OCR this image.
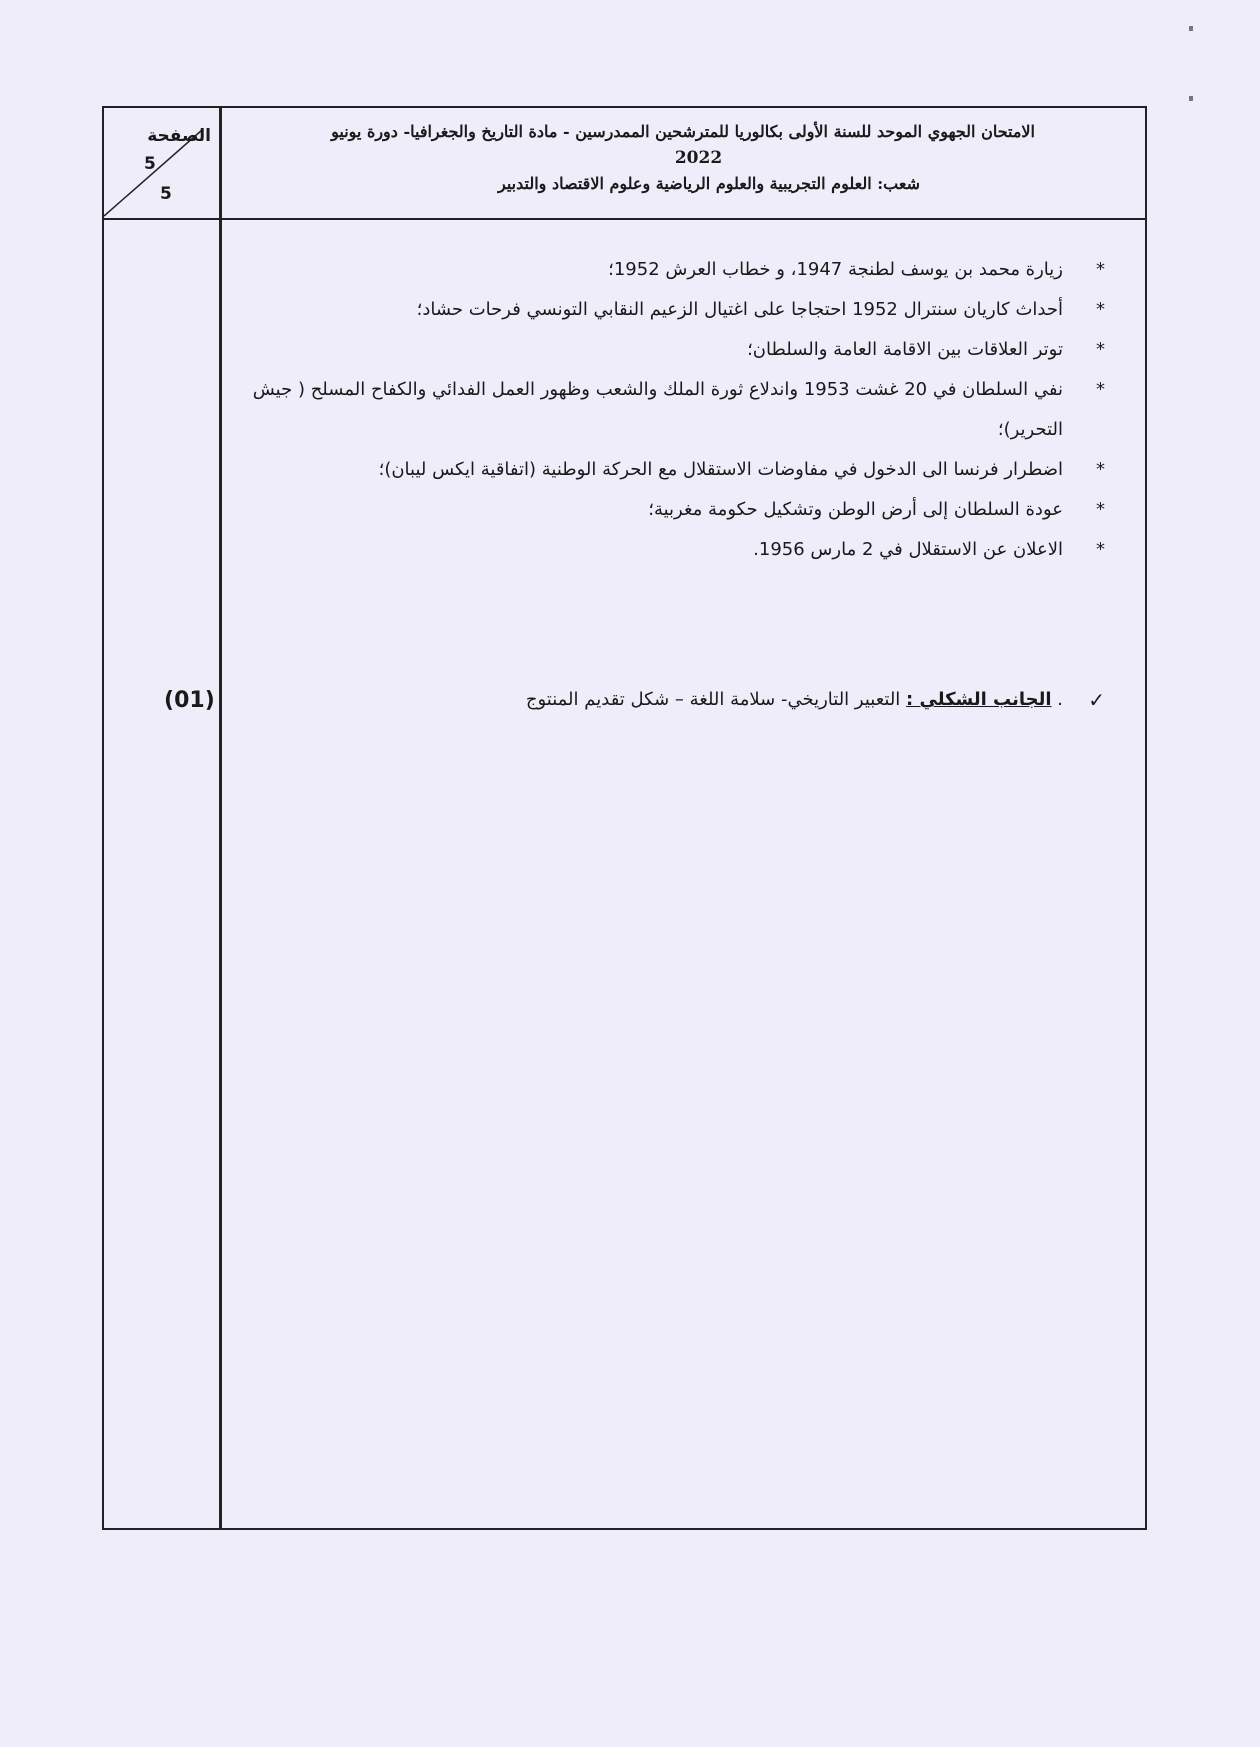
الصفحة
5
5
الامتحان الجهوي الموحد للسنة الأولى بكالوريا للمترشحين الممدرسين - مادة التاريخ والجغرافيا- دورة يونيو
2022
شعب: العلوم التجريبية والعلوم الرياضية وعلوم الاقتصاد والتدبير
(01)
*
زيارة محمد بن يوسف لطنجة 1947، و خطاب العرش 1952؛
*
أحداث كاريان سنترال 1952 احتجاجا على اغتيال الزعيم النقابي التونسي فرحات حشاد؛
*
توتر العلاقات بين الاقامة العامة والسلطان؛
*
نفي السلطان في 20 غشت 1953 واندلاع ثورة الملك والشعب وظهور العمل الفدائي والكفاح المسلح ( جيش التحرير)؛
*
اضطرار فرنسا الى الدخول في مفاوضات الاستقلال مع الحركة الوطنية (اتفاقية ايكس ليبان)؛
*
عودة السلطان إلى أرض الوطن وتشكيل حكومة مغربية؛
*
الاعلان عن الاستقلال في 2 مارس 1956.
✓
. الجانب الشكلي : التعبير التاريخي- سلامة اللغة – شكل تقديم المنتوج
